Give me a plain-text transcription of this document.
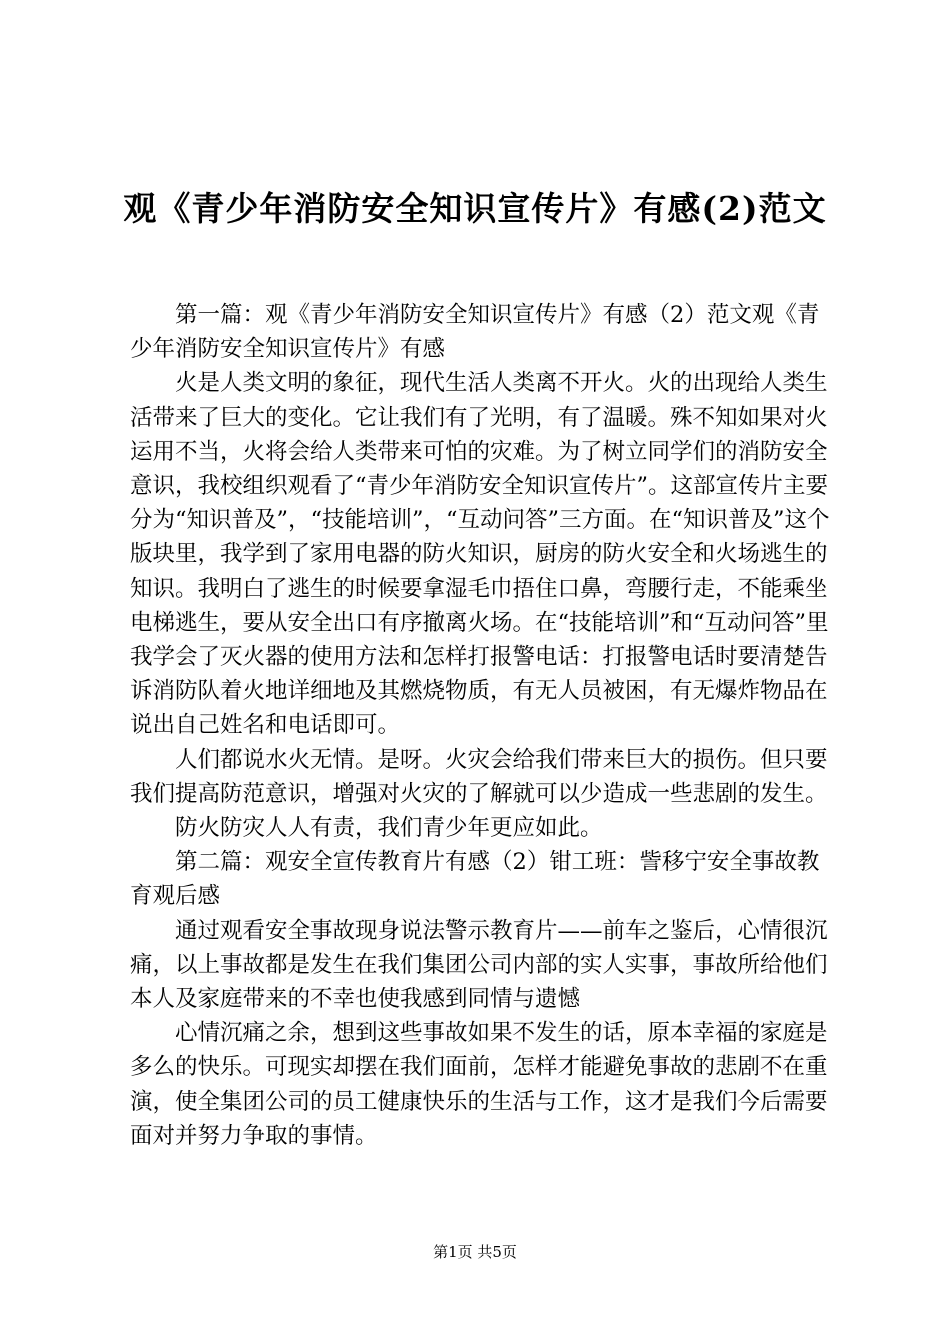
观《青少年消防安全知识宣传片》有感(2)范文

第一篇：观《青少年消防安全知识宣传片》有感（2）范文观《青少年消防安全知识宣传片》有感

火是人类文明的象征，现代生活人类离不开火。火的出现给人类生活带来了巨大的变化。它让我们有了光明，有了温暖。殊不知如果对火运用不当，火将会给人类带来可怕的灾难。为了树立同学们的消防安全意识，我校组织观看了“青少年消防安全知识宣传片”。这部宣传片主要分为“知识普及”，“技能培训”，“互动问答”三方面。在“知识普及”这个版块里，我学到了家用电器的防火知识，厨房的防火安全和火场逃生的知识。我明白了逃生的时候要拿湿毛巾捂住口鼻，弯腰行走，不能乘坐电梯逃生，要从安全出口有序撤离火场。在“技能培训”和“互动问答”里我学会了灭火器的使用方法和怎样打报警电话：打报警电话时要清楚告诉消防队着火地详细地及其燃烧物质，有无人员被困，有无爆炸物品在说出自己姓名和电话即可。

人们都说水火无情。是呀。火灾会给我们带来巨大的损伤。但只要我们提高防范意识，增强对火灾的了解就可以少造成一些悲剧的发生。

防火防灾人人有责，我们青少年更应如此。

第二篇：观安全宣传教育片有感（2）钳工班：訾移宁安全事故教育观后感

通过观看安全事故现身说法警示教育片——前车之鉴后，心情很沉痛，以上事故都是发生在我们集团公司内部的实人实事，事故所给他们本人及家庭带来的不幸也使我感到同情与遗憾

心情沉痛之余，想到这些事故如果不发生的话，原本幸福的家庭是多么的快乐。可现实却摆在我们面前，怎样才能避免事故的悲剧不在重演，使全集团公司的员工健康快乐的生活与工作，这才是我们今后需要面对并努力争取的事情。

第1页 共5页
